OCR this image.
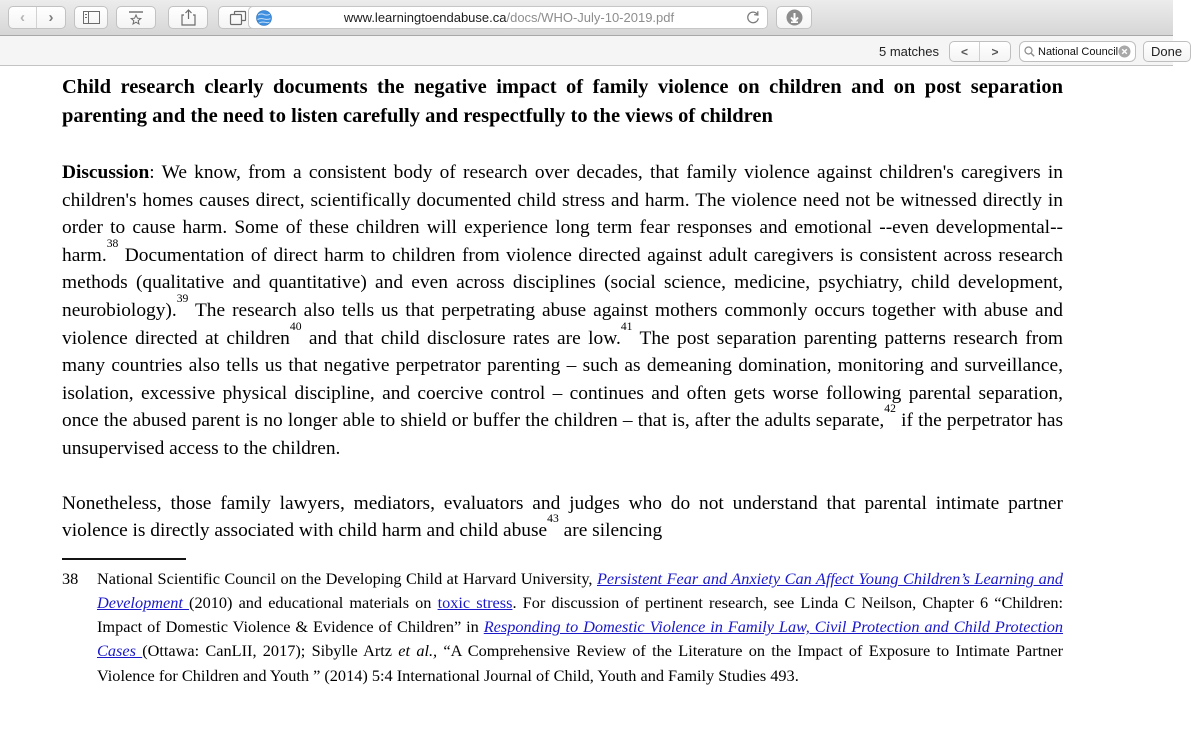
‹ ›	www.learningtoendabuse.ca/docs/WHO-July-10-2019.pdf
5 matches < >
National Council of	Done
Child research clearly documents the negative impact of family violence on children and on post separation parenting and the need to listen carefully and respectfully to the views of children

Discussion: We know, from a consistent body of research over decades, that family violence against children's caregivers in children's homes causes direct, scientifically documented child stress and harm. The violence need not be witnessed directly in order to cause harm. Some of these children will experience long term fear responses and emotional --even developmental-- harm.$^{38}$ Documentation of direct harm to children from violence directed against adult caregivers is consistent across research methods (qualitative and quantitative) and even across disciplines (social science, medicine, psychiatry, child development, neurobiology).$^{39}$ The research also tells us that perpetrating abuse against mothers commonly occurs together with abuse and violence directed at children$^{40}$ and that child disclosure rates are low.$^{41}$ The post separation parenting patterns research from many countries also tells us that negative perpetrator parenting – such as demeaning domination, monitoring and surveillance, isolation, excessive physical discipline, and coercive control – continues and often gets worse following parental separation, once the abused parent is no longer able to shield or buffer the children – that is, after the adults separate,$^{42}$ if the perpetrator has unsupervised access to the children.

Nonetheless, those family lawyers, mediators, evaluators and judges who do not understand that parental intimate partner violence is directly associated with child harm and child abuse$^{43}$ are silencing

38 National Scientific Council on the Developing Child at Harvard University, Persistent Fear and Anxiety Can Affect Young Children’s Learning and Development (2010) and educational materials on toxic stress. For discussion of pertinent research, see Linda C Neilson, Chapter 6 “Children: Impact of Domestic Violence & Evidence of Children” in Responding to Domestic Violence in Family Law, Civil Protection and Child Protection Cases (Ottawa: CanLII, 2017); Sibylle Artz et al., “A Comprehensive Review of the Literature on the Impact of Exposure to Intimate Partner Violence for Children and Youth ” (2014) 5:4 International Journal of Child, Youth and Family Studies 493.
